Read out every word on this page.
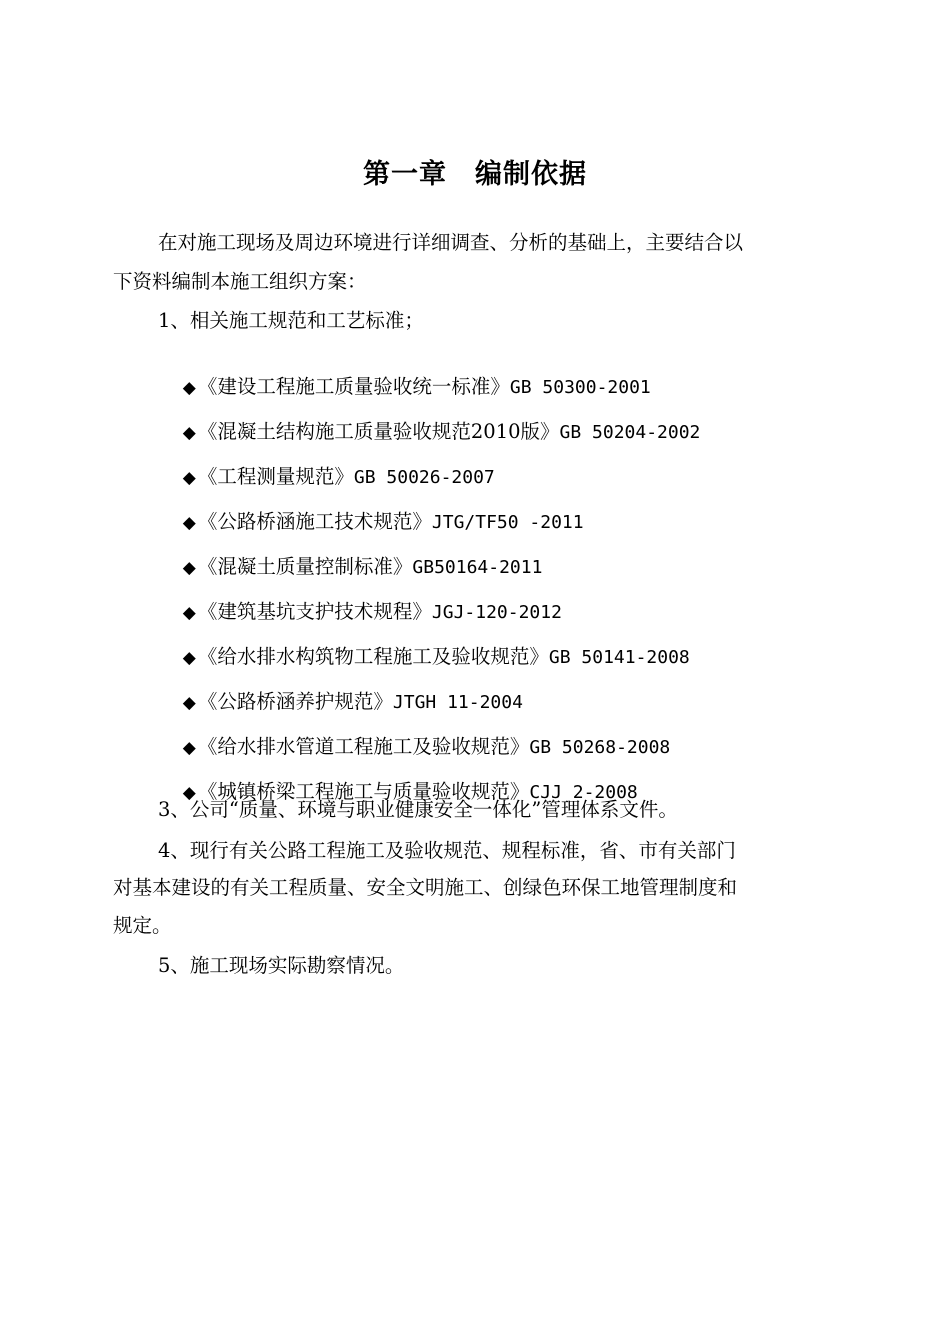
第一章　编制依据
在对施工现场及周边环境进行详细调查、分析的基础上，主要结合以
下资料编制本施工组织方案：
1、相关施工规范和工艺标准；

◆ 《建设工程施工质量验收统一标准》GB 50300-2001

◆ 《混凝土结构施工质量验收规范2010版》GB 50204-2002

◆ 《工程测量规范》GB 50026-2007

◆ 《公路桥涵施工技术规范》JTG/TF50 -2011

◆ 《混凝土质量控制标准》GB50164-2011

◆ 《建筑基坑支护技术规程》JGJ-120-2012

◆ 《给水排水构筑物工程施工及验收规范》GB 50141-2008

◆ 《公路桥涵养护规范》JTGH 11-2004

◆ 《给水排水管道工程施工及验收规范》GB 50268-2008

◆ 《城镇桥梁工程施工与质量验收规范》CJJ 2-2008

3、公司“质量、环境与职业健康安全一体化”管理体系文件。
4、现行有关公路工程施工及验收规范、规程标准，省、市有关部门
对基本建设的有关工程质量、安全文明施工、创绿色环保工地管理制度和
规定。
5、施工现场实际勘察情况。
